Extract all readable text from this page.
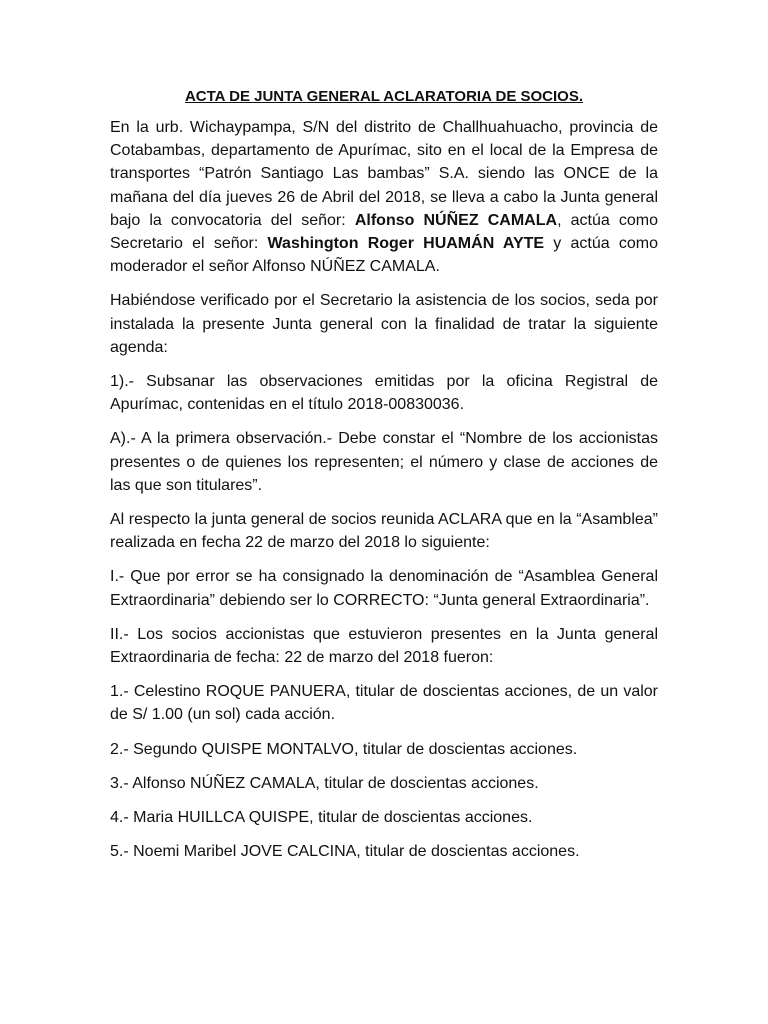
ACTA DE JUNTA GENERAL ACLARATORIA DE SOCIOS.

En la urb. Wichaypampa, S/N del distrito de Challhuahuacho, provincia de Cotabambas, departamento de Apurímac, sito en el local de la Empresa de transportes “Patrón Santiago Las bambas” S.A. siendo las ONCE de la mañana del día jueves 26 de Abril del 2018, se lleva a cabo la Junta general bajo la convocatoria del señor: Alfonso NÚÑEZ CAMALA, actúa como Secretario el señor: Washington Roger HUAMÁN AYTE y actúa como moderador el señor Alfonso NÚÑEZ CAMALA.

Habiéndose verificado por el Secretario la asistencia de los socios, seda por instalada la presente Junta general con la finalidad de tratar la siguiente agenda:

1).- Subsanar las observaciones emitidas por la oficina Registral de Apurímac, contenidas en el título 2018-00830036.

A).- A la primera observación.- Debe constar el “Nombre de los accionistas presentes o de quienes los representen; el número y clase de acciones de las que son titulares”.

Al respecto la junta general de socios reunida ACLARA que en la “Asamblea” realizada en fecha 22 de marzo del 2018 lo siguiente:

I.- Que por error se ha consignado la denominación de “Asamblea General Extraordinaria” debiendo ser lo CORRECTO: “Junta general Extraordinaria”.

II.- Los socios accionistas que estuvieron presentes en la Junta general Extraordinaria de fecha: 22 de marzo del 2018 fueron:

1.- Celestino ROQUE PANUERA, titular de doscientas acciones, de un valor de S/ 1.00 (un sol) cada acción.

2.- Segundo QUISPE MONTALVO, titular de doscientas acciones.

3.- Alfonso NÚÑEZ CAMALA, titular de doscientas acciones.

4.- Maria HUILLCA QUISPE, titular de doscientas acciones.

5.- Noemi Maribel JOVE CALCINA, titular de doscientas acciones.
